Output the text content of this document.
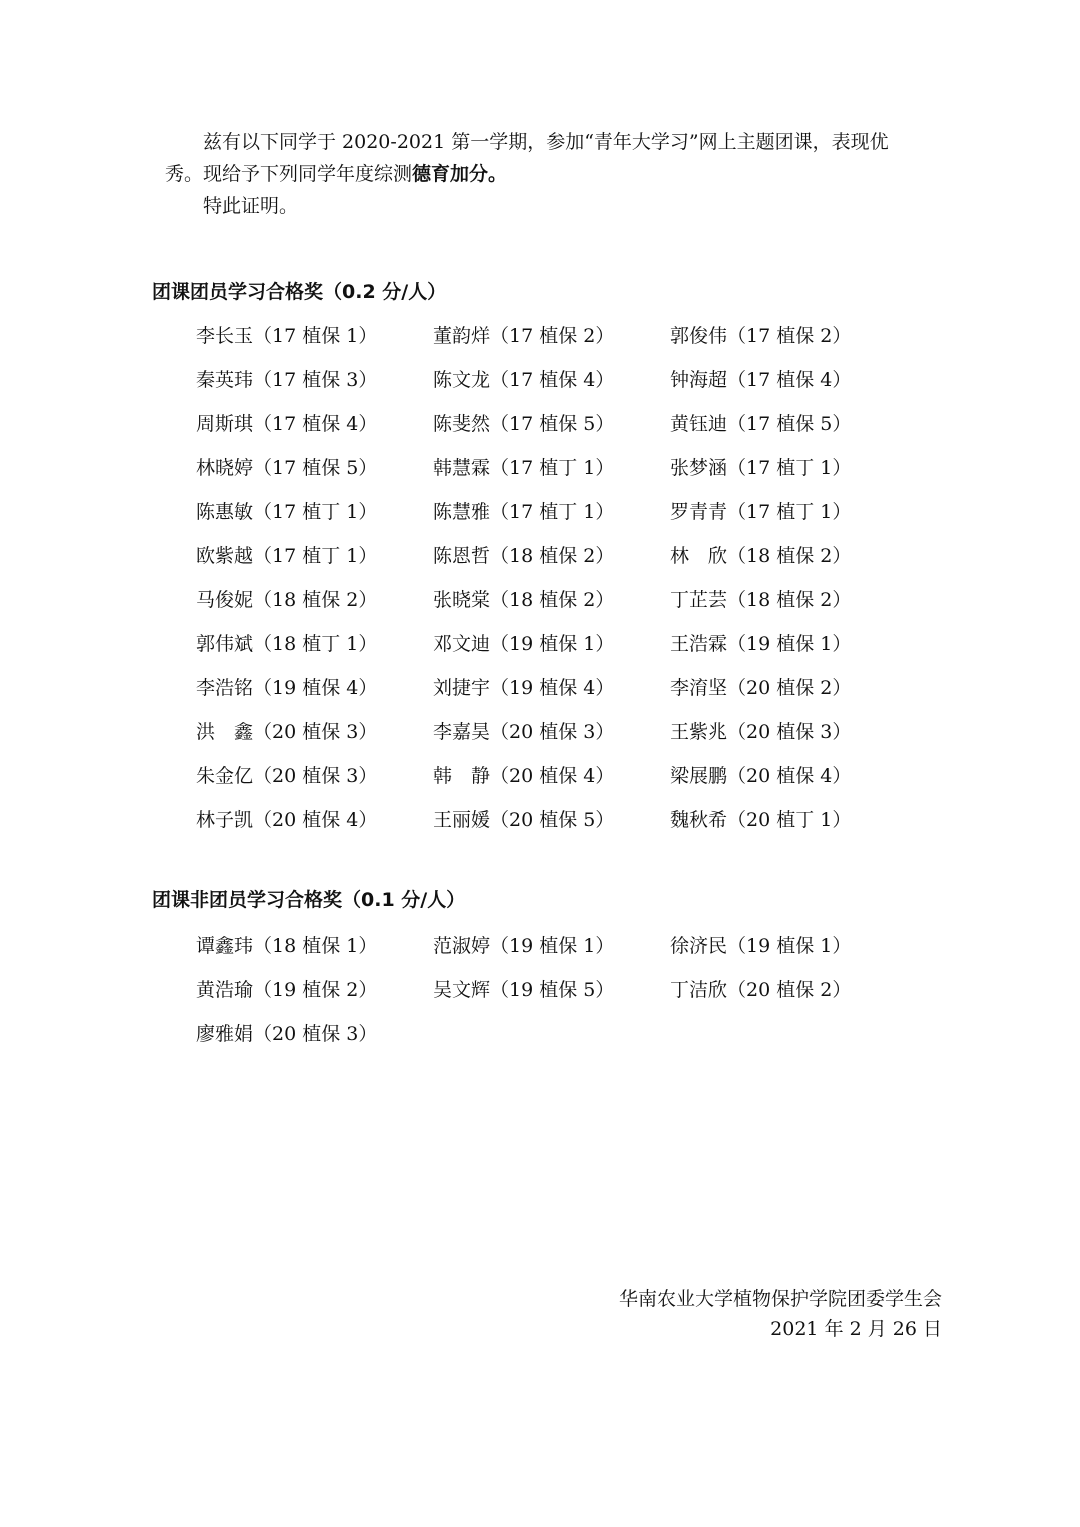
兹有以下同学于 2020-2021 第一学期，参加“青年大学习”网上主题团课，表现优秀。现给予下列同学年度综测德育加分。

特此证明。

团课团员学习合格奖（0.2 分/人）
李长玉（17 植保 1）	董韵烊（17 植保 2）	郭俊伟（17 植保 2）
秦英玮（17 植保 3）	陈文龙（17 植保 4）	钟海超（17 植保 4）
周斯琪（17 植保 4）	陈斐然（17 植保 5）	黄钰迪（17 植保 5）
林晓婷（17 植保 5）	韩慧霖（17 植丁 1）	张梦涵（17 植丁 1）
陈惠敏（17 植丁 1）	陈慧雅（17 植丁 1）	罗青青（17 植丁 1）
欧紫越（17 植丁 1）	陈恩哲（18 植保 2）	林　欣（18 植保 2）
马俊妮（18 植保 2）	张晓棠（18 植保 2）	丁芷芸（18 植保 2）
郭伟斌（18 植丁 1）	邓文迪（19 植保 1）	王浩霖（19 植保 1）
李浩铭（19 植保 4）	刘捷宇（19 植保 4）	李淯坚（20 植保 2）
洪　鑫（20 植保 3）	李嘉昊（20 植保 3）	王紫兆（20 植保 3）
朱金亿（20 植保 3）	韩　静（20 植保 4）	梁展鹏（20 植保 4）
林子凯（20 植保 4）	王丽媛（20 植保 5）	魏秋希（20 植丁 1）
团课非团员学习合格奖（0.1 分/人）
谭鑫玮（18 植保 1）	范淑婷（19 植保 1）	徐济民（19 植保 1）
黄浩瑜（19 植保 2）	吴文辉（19 植保 5）	丁洁欣（20 植保 2）
廖雅娟（20 植保 3）
华南农业大学植物保护学院团委学生会
2021 年 2 月 26 日
